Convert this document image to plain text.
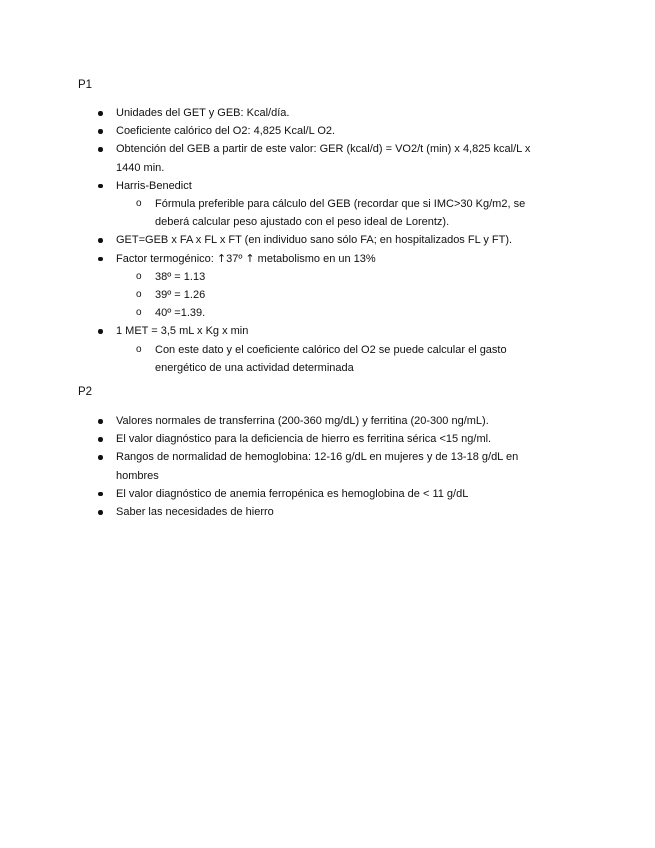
P1
Unidades del GET y GEB: Kcal/día.
Coeficiente calórico del O2: 4,825 Kcal/L O2.
Obtención del GEB a partir de este valor: GER (kcal/d) = VO2/t (min) x 4,825 kcal/L x 1440 min.
Harris-Benedict
o Fórmula preferible para cálculo del GEB (recordar que si IMC>30 Kg/m2, se deberá calcular peso ajustado con el peso ideal de Lorentz).
GET=GEB x FA x FL x FT (en individuo sano sólo FA; en hospitalizados FL y FT).
Factor termogénico: ↑37º ↑ metabolismo en un 13%
o 38º = 1.13
o 39º = 1.26
o 40º =1.39.
1 MET = 3,5 mL x Kg x min
o Con este dato y el coeficiente calórico del O2 se puede calcular el gasto energético de una actividad determinada
P2
Valores normales de transferrina (200-360 mg/dL) y ferritina (20-300 ng/mL).
El valor diagnóstico para la deficiencia de hierro es ferritina sérica <15 ng/ml.
Rangos de normalidad de hemoglobina: 12-16 g/dL en mujeres y de 13-18 g/dL en hombres
El valor diagnóstico de anemia ferropénica es hemoglobina de < 11 g/dL
Saber las necesidades de hierro
